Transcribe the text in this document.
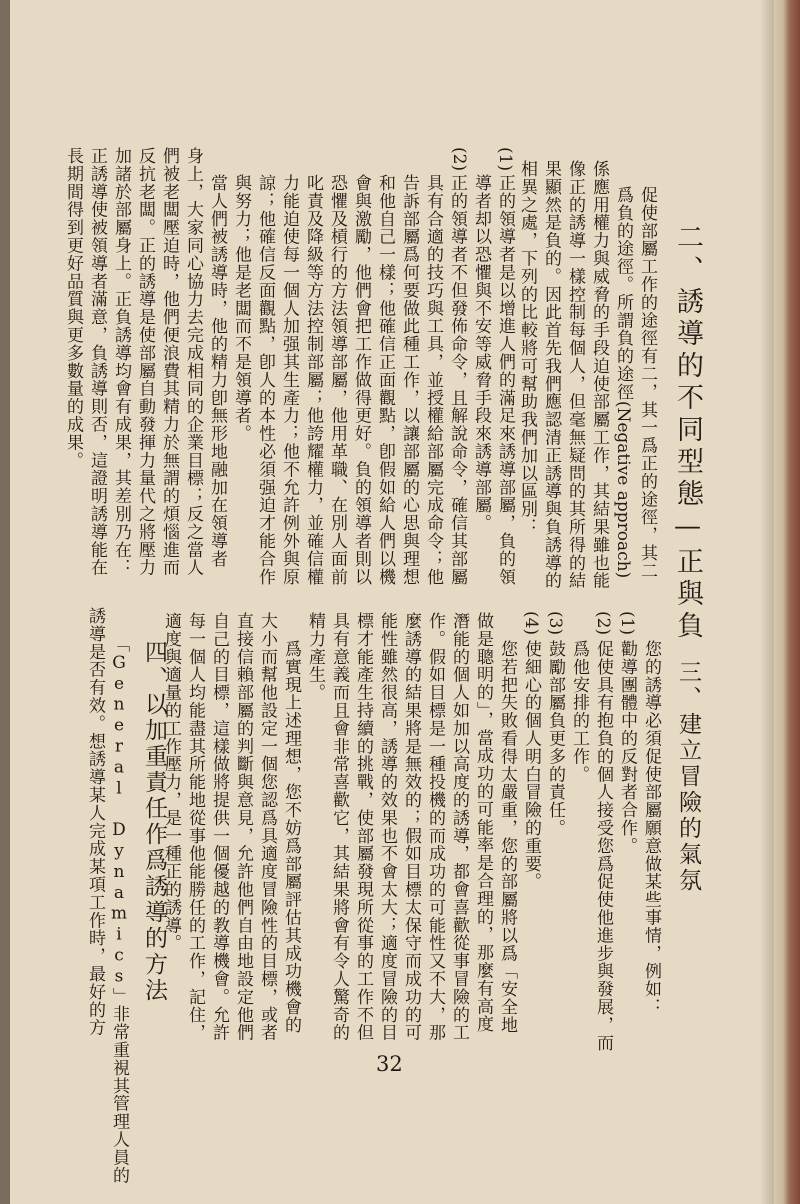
二、誘導的不同型態—正與負
促使部屬工作的途徑有二，其一爲正的途徑，其二
爲負的途徑。所謂負的途徑(Negative approach)
係應用權力與威脅的手段迫使部屬工作，其結果雖也能
像正的誘導一樣控制每個人，但毫無疑問的其所得的結
果顯然是負的。因此首先我們應認清正誘導與負誘導的
相異之處，下列的比較將可幫助我們加以區別：
(1)
正的領導者是以增進人們的滿足來誘導部屬，負的領
導者却以恐懼與不安等威脅手段來誘導部屬。
(2)
正的領導者不但發佈命令，且解說命令，確信其部屬
具有合適的技巧與工具，並授權給部屬完成命令；他
告訴部屬爲何要做此種工作，以讓部屬的心思與理想
和他自己一樣；他確信正面觀點，卽假如給人們以機
會與激勵，他們會把工作做得更好。負的領導者則以
恐懼及槓行的方法領導部屬，他用革職、在別人面前
叱責及降級等方法控制部屬；他誇耀權力，並確信權
力能迫使每一個人加强其生產力；他不允許例外與原
諒；他確信反面觀點，卽人的本性必須强迫才能合作
與努力；他是老闆而不是領導者。
當人們被誘導時，他的精力卽無形地融加在領導者
身上，大家同心協力去完成相同的企業目標；反之當人
們被老闆壓迫時，他們便浪費其精力於無謂的煩惱進而
反抗老闆。正的誘導是使部屬自動發揮力量代之將壓力
加諸於部屬身上。正負誘導均會有成果，其差別乃在：
正誘導使被領導者滿意，負誘導則否，這證明誘導能在
長期間得到更好品質與更多數量的成果。
三、建立冒險的氣氛
您的誘導必須促使部屬願意做某些事情，例如：
(1)
勸導團體中的反對者合作。
(2)
促使具有抱負的個人接受您爲促使他進步與發展，而
爲他安排的工作。
(3)
鼓勵部屬負更多的責任。
(4)
使細心的個人明白冒險的重要。
您若把失敗看得太嚴重，您的部屬將以爲「安全地
做是聰明的」，當成功的可能率是合理的，那麼有高度
潛能的個人如加以高度的誘導，都會喜歡從事冒險的工
作。假如目標是一種投機的而成功的可能性又不大，那
麼誘導的結果將是無效的；假如目標太保守而成功的可
能性雖然很高，誘導的效果也不會太大；適度冒險的目
標才能產生持續的挑戰，使部屬發現所從事的工作不但
具有意義而且會非常喜歡它，其結果將會有令人驚奇的
精力產生。
爲實現上述理想，您不妨爲部屬評估其成功機會的
大小而幫他設定一個您認爲具適度冒險性的目標，或者
直接信賴部屬的判斷與意見，允許他們自由地設定他們
自己的目標，這樣做將提供一個優越的教導機會。允許
每一個人均能盡其所能地從事他能勝任的工作，記住，
適度與適量的工作壓力，是一種正的誘導。
四、以加重責任作爲誘導的方法
「General Dynamics」非常重視其管理人員的
誘導是否有效。想誘導某人完成某項工作時，最好的方
32
